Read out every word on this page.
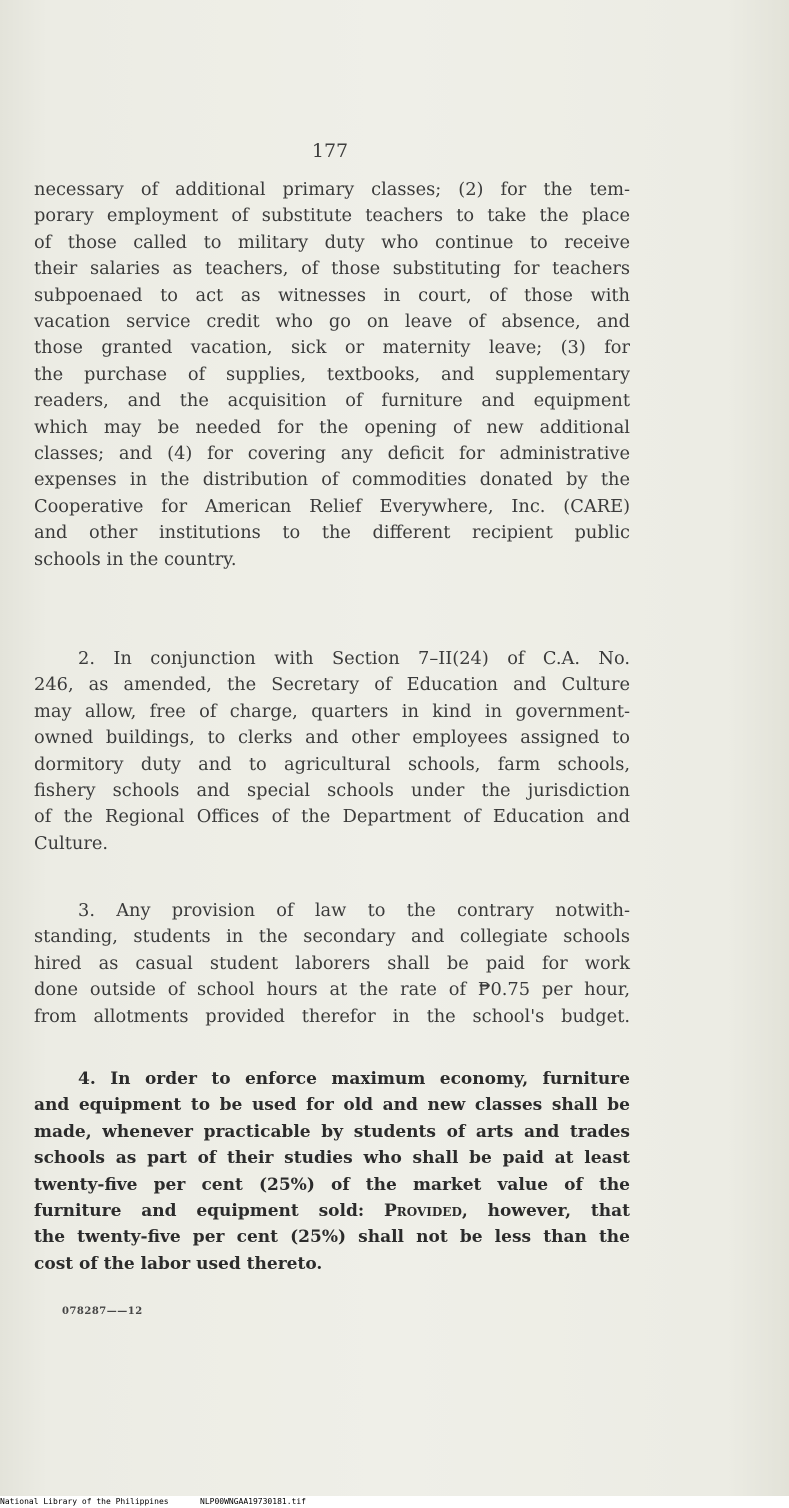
177
necessary of additional primary classes; (2) for the tem-
porary employment of substitute teachers to take the place
of those called to military duty who continue to receive
their salaries as teachers, of those substituting for teachers
subpoenaed to act as witnesses in court, of those with
vacation service credit who go on leave of absence, and
those granted vacation, sick or maternity leave; (3) for
the purchase of supplies, textbooks, and supplementary
readers, and the acquisition of furniture and equipment
which may be needed for the opening of new additional
classes; and (4) for covering any deficit for administrative
expenses in the distribution of commodities donated by the
Cooperative for American Relief Everywhere, Inc. (CARE)
and other institutions to the different recipient public
schools in the country.
2. In conjunction with Section 7–II(24) of C.A. No.
246, as amended, the Secretary of Education and Culture
may allow, free of charge, quarters in kind in government-
owned buildings, to clerks and other employees assigned to
dormitory duty and to agricultural schools, farm schools,
fishery schools and special schools under the jurisdiction
of the Regional Offices of the Department of Education and
Culture.
3. Any provision of law to the contrary notwith-
standing, students in the secondary and collegiate schools
hired as casual student laborers shall be paid for work
done outside of school hours at the rate of ₱0.75 per hour,
from allotments provided therefor in the school's budget.
4. In order to enforce maximum economy, furniture
and equipment to be used for old and new classes shall be
made, whenever practicable by students of arts and trades
schools as part of their studies who shall be paid at least
twenty-five per cent (25%) of the market value of the
furniture and equipment sold: Provided, however, that
the twenty-five per cent (25%) shall not be less than the
cost of the labor used thereto.
078287——12
National Library of the Philippines	NLP00WNGAA19730181.tif
